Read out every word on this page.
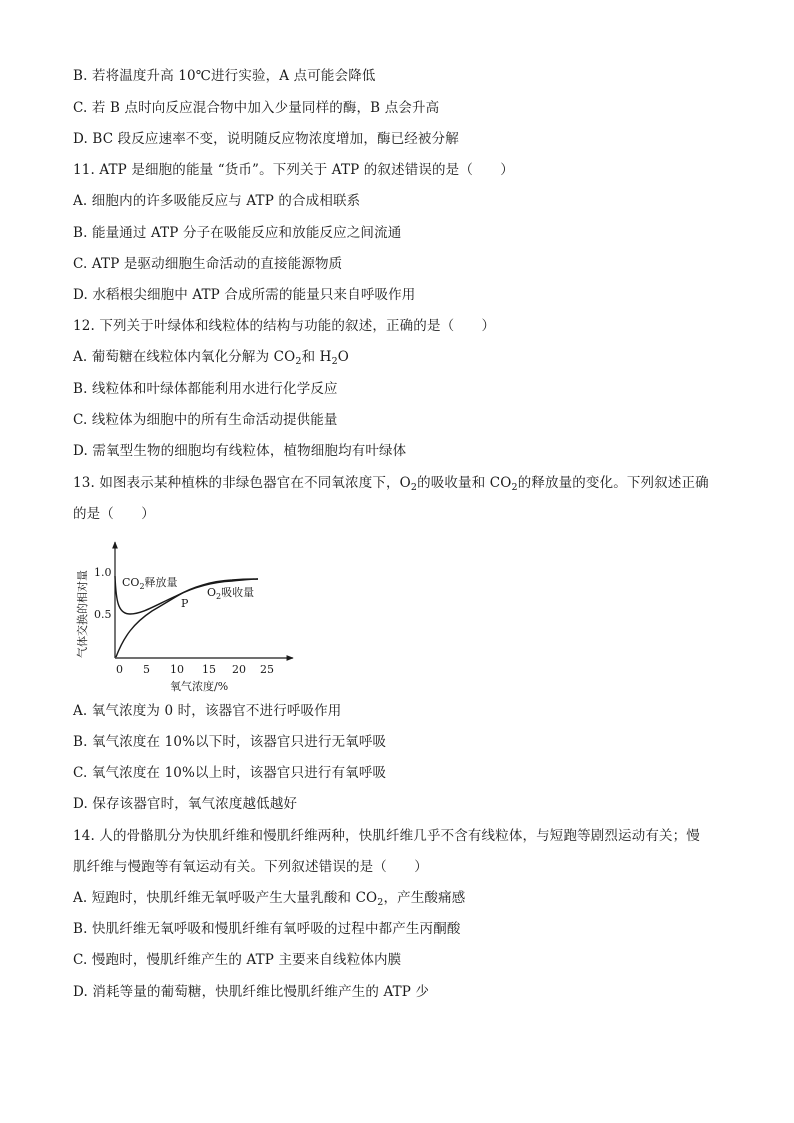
B. 若将温度升高 10℃进行实验，A 点可能会降低
C. 若 B 点时向反应混合物中加入少量同样的酶，B 点会升高
D. BC 段反应速率不变，说明随反应物浓度增加，酶已经被分解
11. ATP 是细胞的能量 “货币”。下列关于 ATP 的叙述错误的是（　　）
A. 细胞内的许多吸能反应与 ATP 的合成相联系
B. 能量通过 ATP 分子在吸能反应和放能反应之间流通
C. ATP 是驱动细胞生命活动的直接能源物质
D. 水稻根尖细胞中 ATP 合成所需的能量只来自呼吸作用
12. 下列关于叶绿体和线粒体的结构与功能的叙述，正确的是（　　）
A. 葡萄糖在线粒体内氧化分解为 $CO_2$和 $H_2O$
B. 线粒体和叶绿体都能利用水进行化学反应
C. 线粒体为细胞中的所有生命活动提供能量
D. 需氧型生物的细胞均有线粒体，植物细胞均有叶绿体
13. 如图表示某种植株的非绿色器官在不同氧浓度下，$O_2$的吸收量和 $CO_2$的释放量的变化。下列叙述正确
的是（　　）
气体交换的相对量 1.0
0.5
0 5 10 15 20 25
氧气浓度/%
$CO_2$释放量
$O_2$吸收量
P
A. 氧气浓度为 0 时，该器官不进行呼吸作用
B. 氧气浓度在 10%以下时，该器官只进行无氧呼吸
C. 氧气浓度在 10%以上时，该器官只进行有氧呼吸
D. 保存该器官时，氧气浓度越低越好
14. 人的骨骼肌分为快肌纤维和慢肌纤维两种，快肌纤维几乎不含有线粒体，与短跑等剧烈运动有关；慢
肌纤维与慢跑等有氧运动有关。下列叙述错误的是（　　）
A. 短跑时，快肌纤维无氧呼吸产生大量乳酸和 $CO_2$，产生酸痛感
B. 快肌纤维无氧呼吸和慢肌纤维有氧呼吸的过程中都产生丙酮酸
C. 慢跑时，慢肌纤维产生的 ATP 主要来自线粒体内膜
D. 消耗等量的葡萄糖，快肌纤维比慢肌纤维产生的 ATP 少
